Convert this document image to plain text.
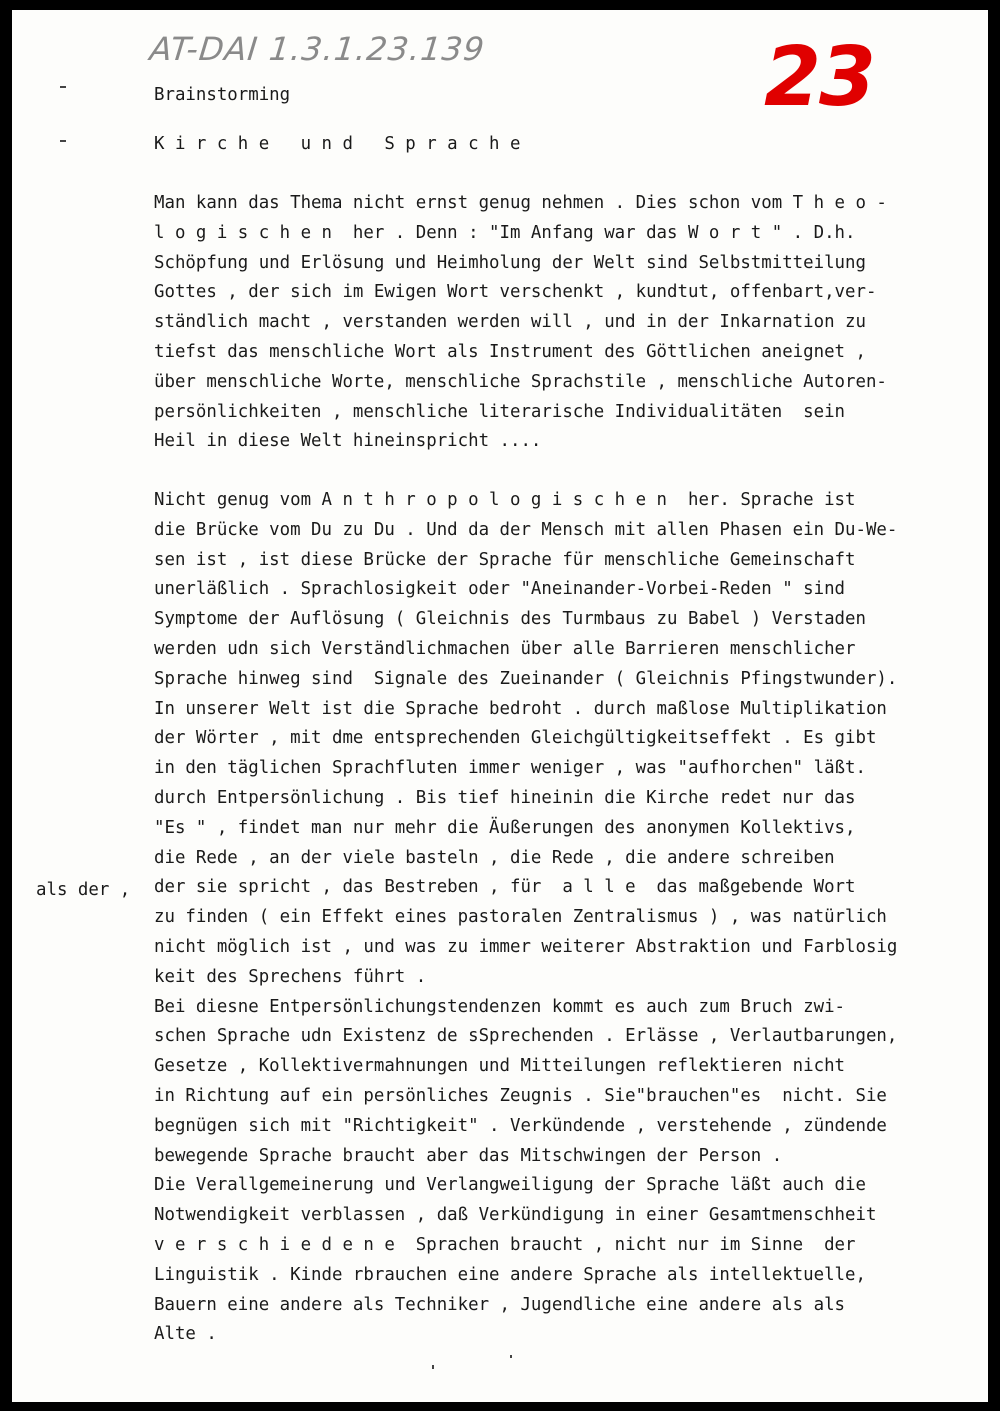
AT-DAI 1.3.1.23.139	23
Brainstorming
K i r c h e   u n d   S p r a c h e
Man kann das Thema nicht ernst genug nehmen . Dies schon vom T h e o -
l o g i s c h e n  her . Denn : "Im Anfang war das W o r t " . D.h.
Schöpfung und Erlösung und Heimholung der Welt sind Selbstmitteilung
Gottes , der sich im Ewigen Wort verschenkt , kundtut, offenbart,ver-
ständlich macht , verstanden werden will , und in der Inkarnation zu
tiefst das menschliche Wort als Instrument des Göttlichen aneignet ,
über menschliche Worte, menschliche Sprachstile , menschliche Autoren-
persönlichkeiten , menschliche literarische Individualitäten  sein
Heil in diese Welt hineinspricht ....
Nicht genug vom A n t h r o p o l o g i s c h e n  her. Sprache ist
die Brücke vom Du zu Du . Und da der Mensch mit allen Phasen ein Du-We-
sen ist , ist diese Brücke der Sprache für menschliche Gemeinschaft
unerläßlich . Sprachlosigkeit oder "Aneinander-Vorbei-Reden " sind
Symptome der Auflösung ( Gleichnis des Turmbaus zu Babel ) Verstaden
werden udn sich Verständlichmachen über alle Barrieren menschlicher
Sprache hinweg sind  Signale des Zueinander ( Gleichnis Pfingstwunder).
In unserer Welt ist die Sprache bedroht . durch maßlose Multiplikation
der Wörter , mit dme entsprechenden Gleichgültigkeitseffekt . Es gibt
in den täglichen Sprachfluten immer weniger , was "aufhorchen" läßt.
durch Entpersönlichung . Bis tief hineinin die Kirche redet nur das
"Es " , findet man nur mehr die Äußerungen des anonymen Kollektivs,
die Rede , an der viele basteln , die Rede , die andere schreiben
der sie spricht , das Bestreben , für  a l l e  das maßgebende Wort
zu finden ( ein Effekt eines pastoralen Zentralismus ) , was natürlich
nicht möglich ist , und was zu immer weiterer Abstraktion und Farblosig
keit des Sprechens führt .
Bei diesne Entpersönlichungstendenzen kommt es auch zum Bruch zwi-
schen Sprache udn Existenz de sSprechenden . Erlässe , Verlautbarungen,
Gesetze , Kollektivermahnungen und Mitteilungen reflektieren nicht
in Richtung auf ein persönliches Zeugnis . Sie"brauchen"es  nicht. Sie
begnügen sich mit "Richtigkeit" . Verkündende , verstehende , zündende
bewegende Sprache braucht aber das Mitschwingen der Person .
Die Verallgemeinerung und Verlangweiligung der Sprache läßt auch die
Notwendigkeit verblassen , daß Verkündigung in einer Gesamtmenschheit
v e r s c h i e d e n e  Sprachen braucht , nicht nur im Sinne  der
Linguistik . Kinde rbrauchen eine andere Sprache als intellektuelle,
Bauern eine andere als Techniker , Jugendliche eine andere als als
Alte .
als der ,
